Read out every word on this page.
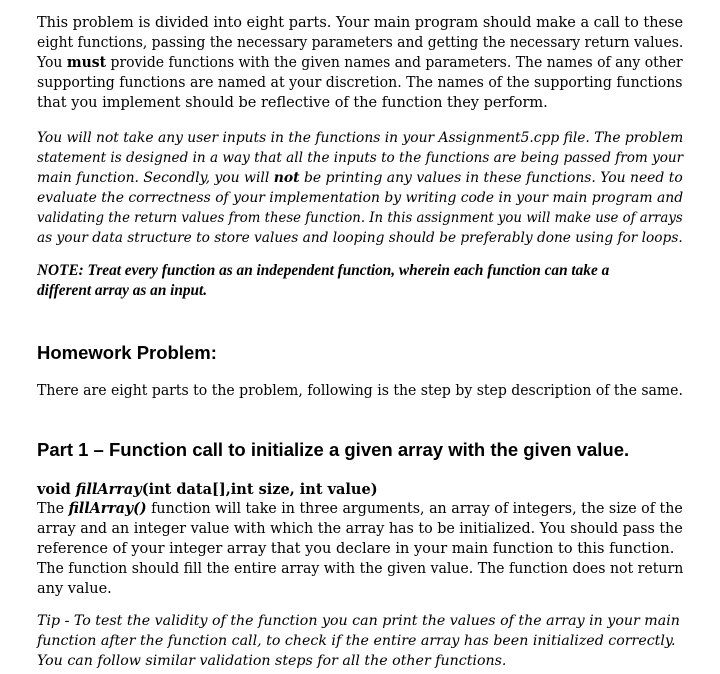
This problem is divided into eight parts. Your main program should make a call to these
eight functions, passing the necessary parameters and getting the necessary return values.
You must provide functions with the given names and parameters. The names of any other
supporting functions are named at your discretion. The names of the supporting functions
that you implement should be reflective of the function they perform.
You will not take any user inputs in the functions in your Assignment5.cpp file. The problem
statement is designed in a way that all the inputs to the functions are being passed from your
main function. Secondly, you will not be printing any values in these functions. You need to
evaluate the correctness of your implementation by writing code in your main program and
validating the return values from these function. In this assignment you will make use of arrays
as your data structure to store values and looping should be preferably done using for loops.
NOTE: Treat every function as an independent function, wherein each function can take a
different array as an input.
Homework Problem:
There are eight parts to the problem, following is the step by step description of the same.
Part 1 – Function call to initialize a given array with the given value.
void fillArray(int data[],int size, int value)
The fillArray() function will take in three arguments, an array of integers, the size of the
array and an integer value with which the array has to be initialized. You should pass the
reference of your integer array that you declare in your main function to this function.
The function should fill the entire array with the given value. The function does not return
any value.
Tip - To test the validity of the function you can print the values of the array in your main
function after the function call, to check if the entire array has been initialized correctly.
You can follow similar validation steps for all the other functions.
